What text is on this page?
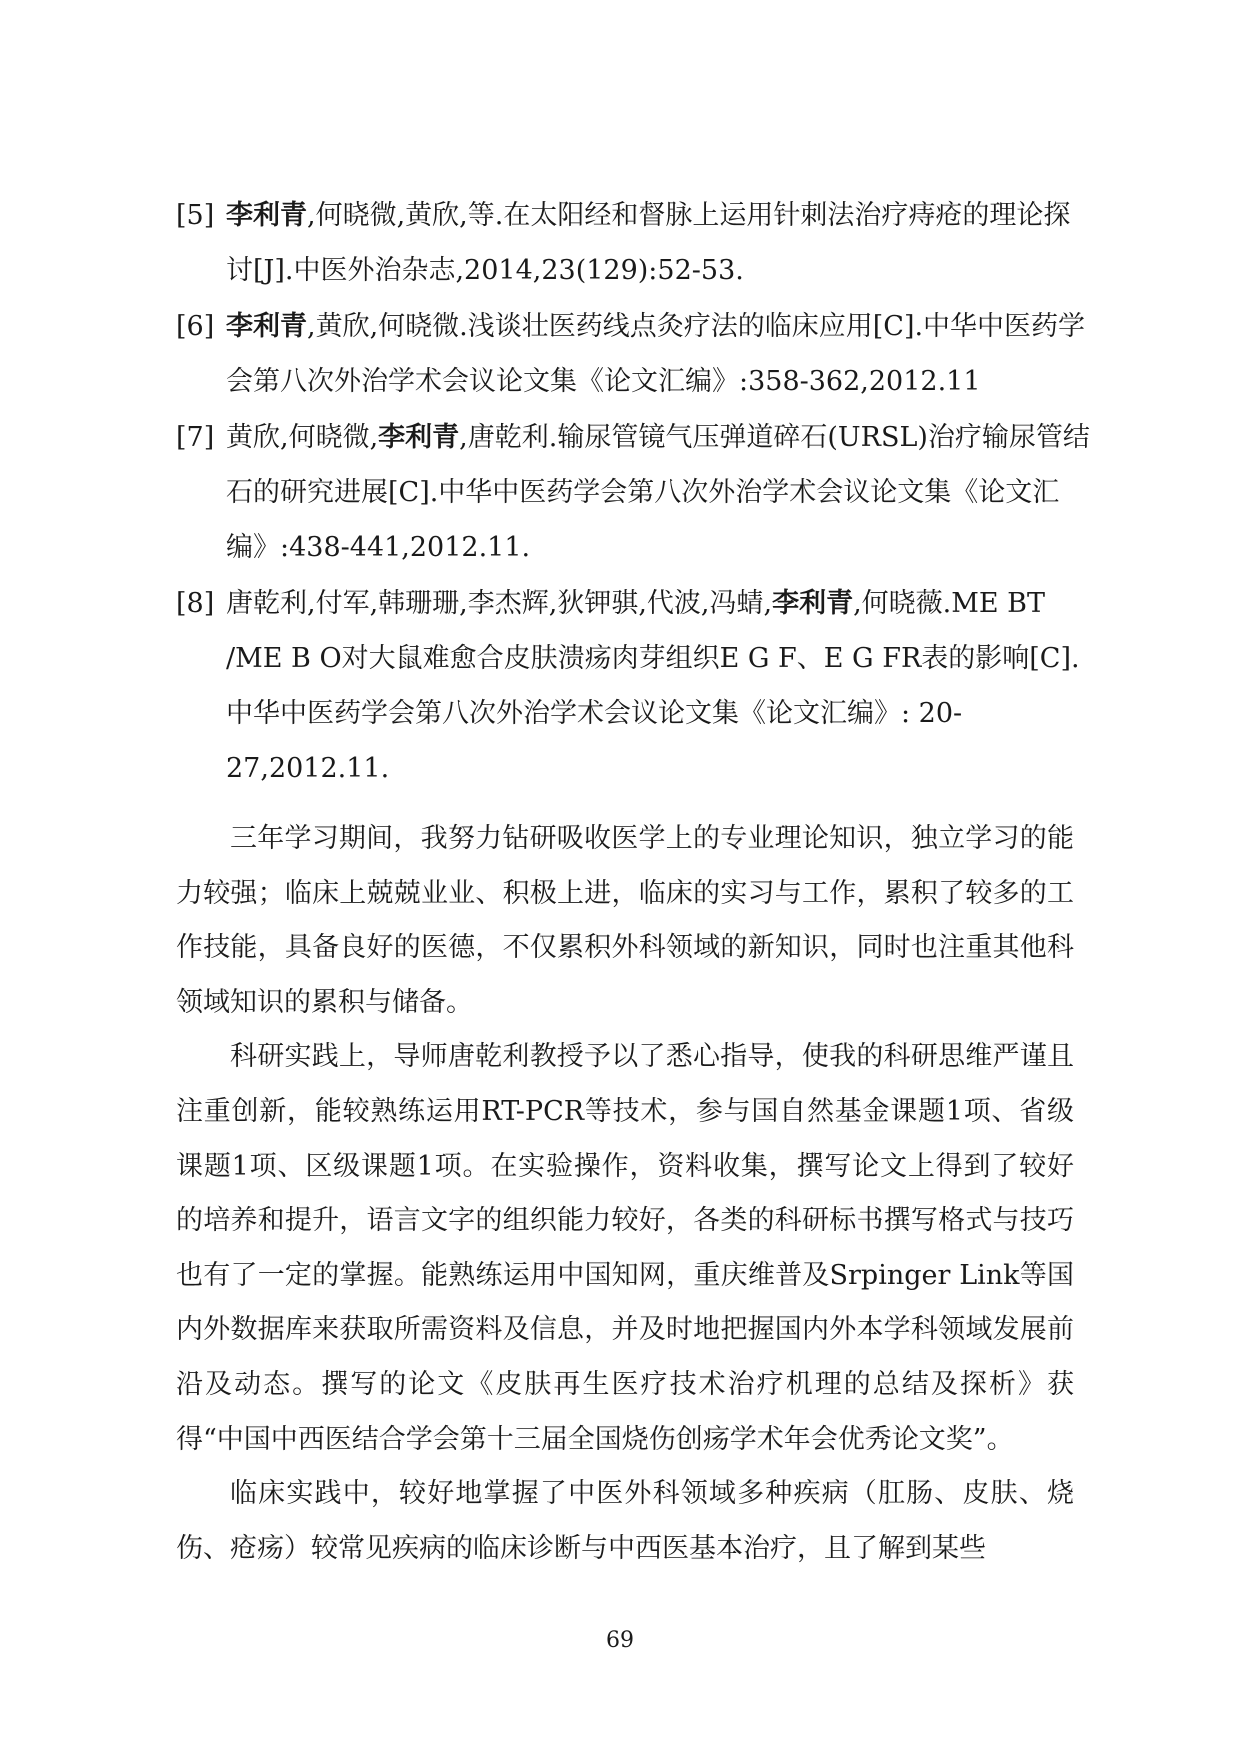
[5] 李利青,何晓微,黄欣,等.在太阳经和督脉上运用针刺法治疗痔疮的理论探讨[J].中医外治杂志,2014,23(129):52-53.
[6] 李利青,黄欣,何晓微.浅谈壮医药线点灸疗法的临床应用[C].中华中医药学会第八次外治学术会议论文集《论文汇编》:358-362,2012.11
[7] 黄欣,何晓微,李利青,唐乾利.输尿管镜气压弹道碎石(URSL)治疗输尿管结石的研究进展[C].中华中医药学会第八次外治学术会议论文集《论文汇编》:438-441,2012.11.
[8] 唐乾利,付军,韩珊珊,李杰辉,狄钾骐,代波,冯蜻,李利青,何晓薇.ME BT /ME B O对大鼠难愈合皮肤溃疡肉芽组织E G F、E G FR表的影响[C].中华中医药学会第八次外治学术会议论文集《论文汇编》: 20-27,2012.11.

三年学习期间，我努力钻研吸收医学上的专业理论知识，独立学习的能力较强；临床上兢兢业业、积极上进，临床的实习与工作，累积了较多的工作技能，具备良好的医德，不仅累积外科领域的新知识，同时也注重其他科领域知识的累积与储备。

科研实践上，导师唐乾利教授予以了悉心指导，使我的科研思维严谨且注重创新，能较熟练运用RT-PCR等技术，参与国自然基金课题1项、省级课题1项、区级课题1项。在实验操作，资料收集，撰写论文上得到了较好的培养和提升，语言文字的组织能力较好，各类的科研标书撰写格式与技巧也有了一定的掌握。能熟练运用中国知网，重庆维普及Srpinger Link等国内外数据库来获取所需资料及信息，并及时地把握国内外本学科领域发展前沿及动态。撰写的论文《皮肤再生医疗技术治疗机理的总结及探析》获得“中国中西医结合学会第十三届全国烧伤创疡学术年会优秀论文奖”。

临床实践中，较好地掌握了中医外科领域多种疾病（肛肠、皮肤、烧伤、疮疡）较常见疾病的临床诊断与中西医基本治疗，且了解到某些

69
